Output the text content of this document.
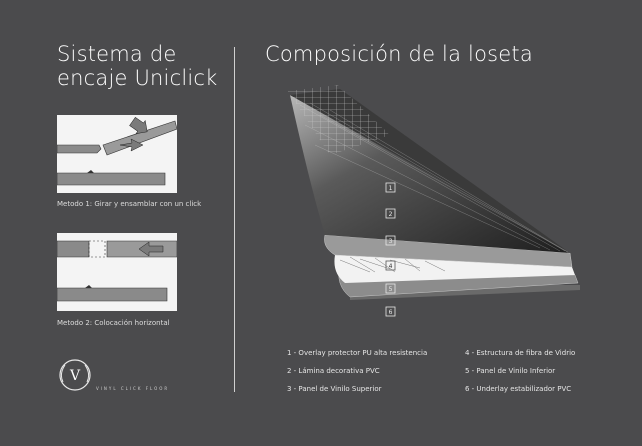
Sistema de
encaje Uniclick
Metodo 1: Girar y ensamblar con un click
Metodo 2: Colocación horizontal
V
VINYL CLICK FLOOR
Composición de la loseta
1
2
3
4
5
6
1 - Overlay protector PU alta resistencia
2 - Lámina decorativa PVC
3 - Panel de Vinilo Superior
4 - Estructura de fibra de Vidrio
5 - Panel de Vinilo Inferior
6 - Underlay estabilizador PVC
